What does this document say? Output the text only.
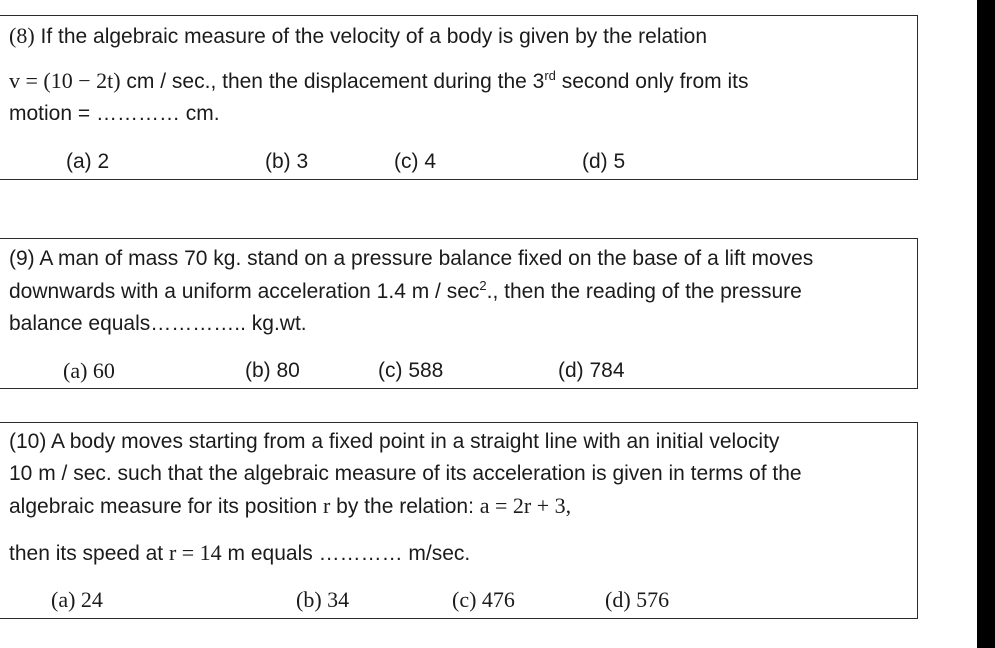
(8) If the algebraic measure of the velocity of a body is given by the relation
v = (10 − 2t) cm / sec., then the displacement during the 3rd second only from its
motion = ………… cm.
(a) 2	(b) 3	(c) 4	(d) 5
(9) A man of mass 70 kg. stand on a pressure balance fixed on the base of a lift moves
downwards with a uniform acceleration 1.4 m / $\sec^2$., then the reading of the pressure
balance equals………….. kg.wt.
(a) 60	(b) 80	(c) 588	(d) 784
(10) A body moves starting from a fixed point in a straight line with an initial velocity
10 m / sec. such that the algebraic measure of its acceleration is given in terms of the
algebraic measure for its position r by the relation: a = 2r + 3,
then its speed at r = 14 m equals ………… m/sec.
(a) 24	(b) 34	(c) 476	(d) 576
